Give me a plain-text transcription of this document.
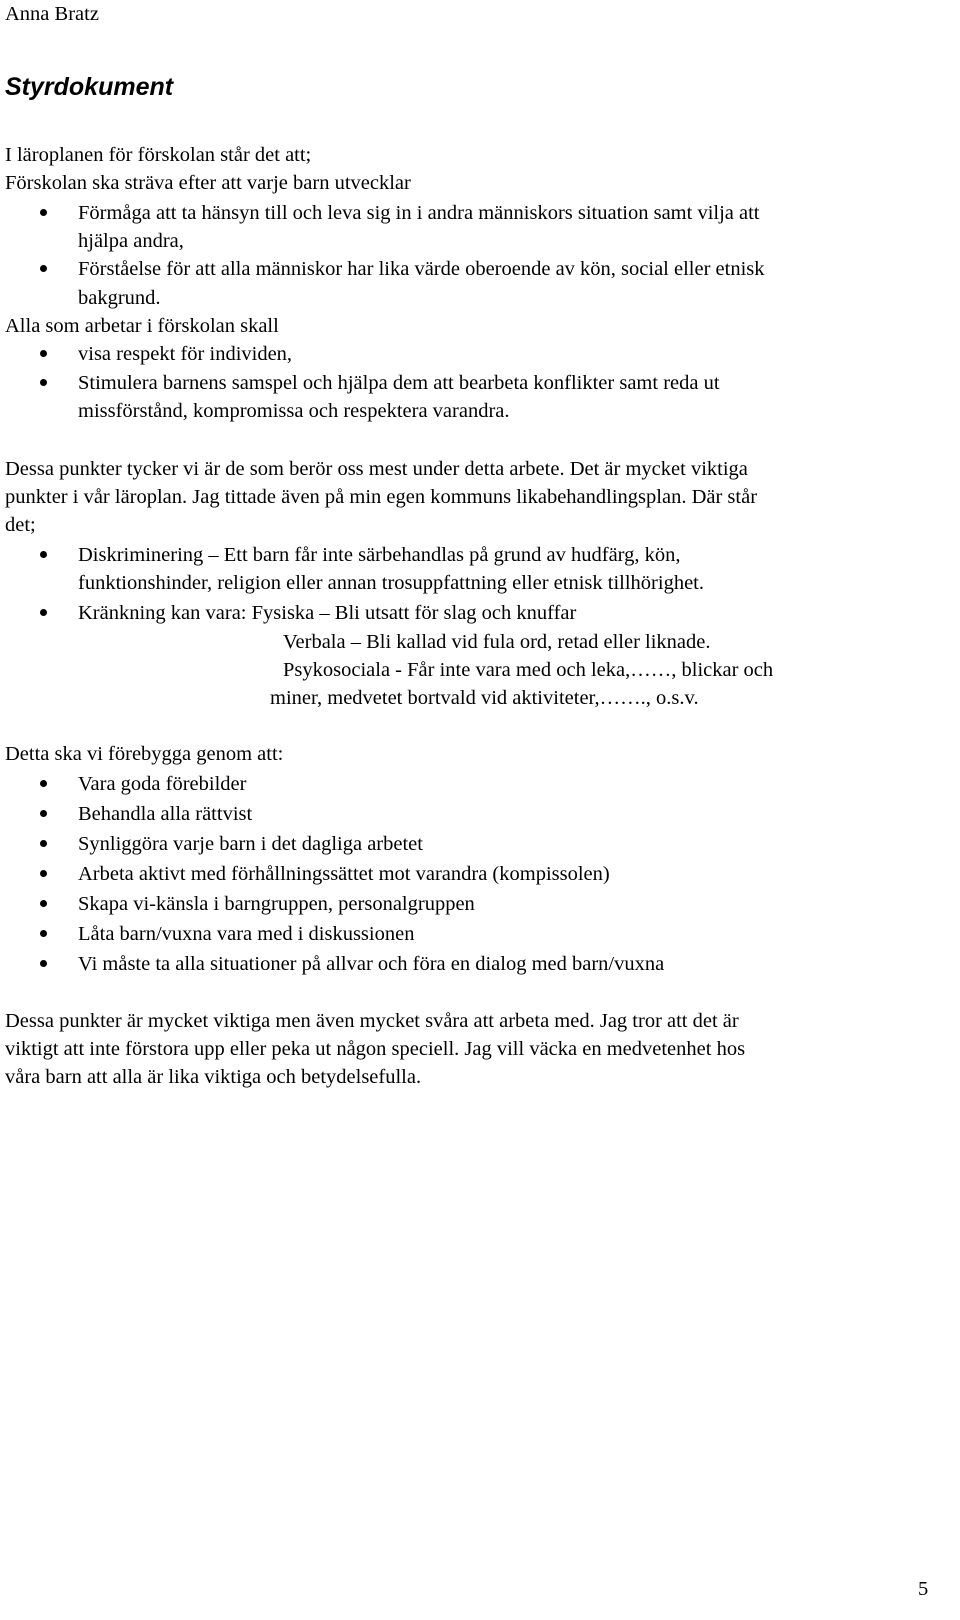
Anna Bratz
Styrdokument
I läroplanen för förskolan står det att;
Förskolan ska sträva efter att varje barn utvecklar
Förmåga att ta hänsyn till och leva sig in i andra människors situation samt vilja att
hjälpa andra,
Förståelse för att alla människor har lika värde oberoende av kön, social eller etnisk
bakgrund.
Alla som arbetar i förskolan skall
visa respekt för individen,
Stimulera barnens samspel och hjälpa dem att bearbeta konflikter samt reda ut
missförstånd, kompromissa och respektera varandra.
Dessa punkter tycker vi är de som berör oss mest under detta arbete. Det är mycket viktiga
punkter i vår läroplan. Jag tittade även på min egen kommuns likabehandlingsplan. Där står
det;
Diskriminering – Ett barn får inte särbehandlas på grund av hudfärg, kön,
funktionshinder, religion eller annan trosuppfattning eller etnisk tillhörighet.
Kränkning kan vara: Fysiska – Bli utsatt för slag och knuffar
Verbala – Bli kallad vid fula ord, retad eller liknade.
Psykosociala - Får inte vara med och leka,……, blickar och
miner, medvetet bortvald vid aktiviteter,……., o.s.v.
Detta ska vi förebygga genom att:
Vara goda förebilder
Behandla alla rättvist
Synliggöra varje barn i det dagliga arbetet
Arbeta aktivt med förhållningssättet mot varandra (kompissolen)
Skapa vi-känsla i barngruppen, personalgruppen
Låta barn/vuxna vara med i diskussionen
Vi måste ta alla situationer på allvar och föra en dialog med barn/vuxna
Dessa punkter är mycket viktiga men även mycket svåra att arbeta med. Jag tror att det är
viktigt att inte förstora upp eller peka ut någon speciell. Jag vill väcka en medvetenhet hos
våra barn att alla är lika viktiga och betydelsefulla.
5
